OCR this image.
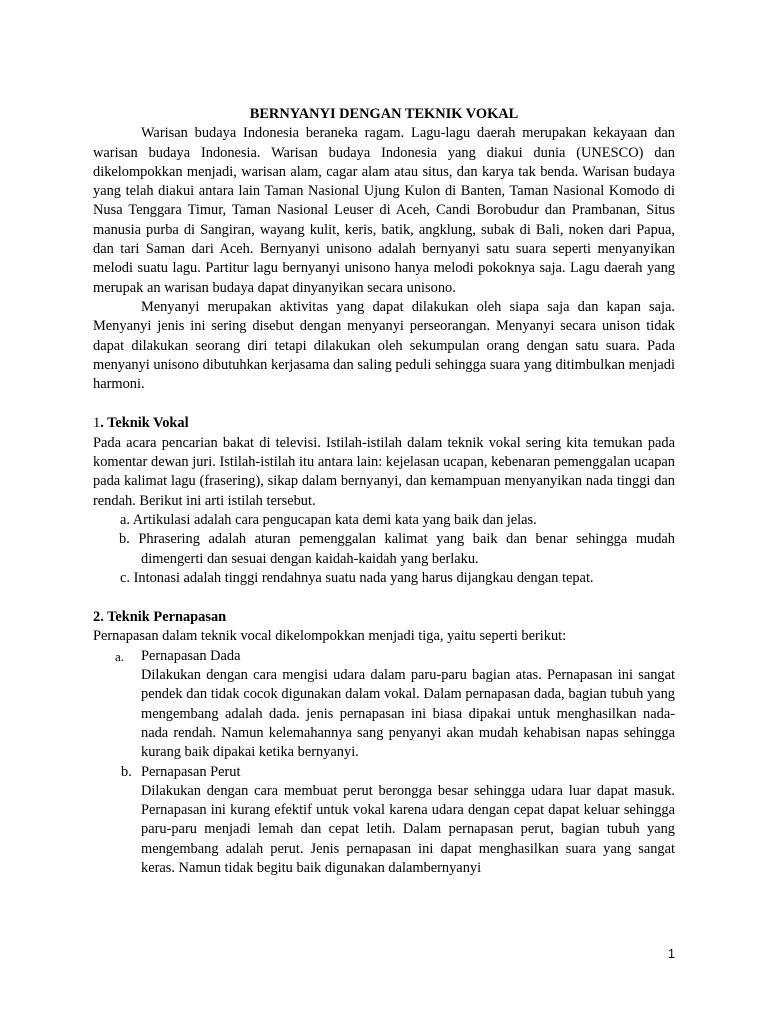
BERNYANYI DENGAN TEKNIK VOKAL

Warisan budaya Indonesia beraneka ragam. Lagu-lagu daerah merupakan kekayaan dan warisan budaya Indonesia. Warisan budaya Indonesia yang diakui dunia (UNESCO) dan dikelompokkan menjadi, warisan alam, cagar alam atau situs, dan karya tak benda. Warisan budaya yang telah diakui antara lain Taman Nasional Ujung Kulon di Banten, Taman Nasional Komodo di Nusa Tenggara Timur, Taman Nasional Leuser di Aceh, Candi Borobudur dan Prambanan, Situs manusia purba di Sangiran, wayang kulit, keris, batik, angklung, subak di Bali, noken dari Papua, dan tari Saman dari Aceh. Bernyanyi unisono adalah bernyanyi satu suara seperti menyanyikan melodi suatu lagu. Partitur lagu bernyanyi unisono hanya melodi pokoknya saja. Lagu daerah yang merupak an warisan budaya dapat dinyanyikan secara unisono.

Menyanyi merupakan aktivitas yang dapat dilakukan oleh siapa saja dan kapan saja. Menyanyi jenis ini sering disebut dengan menyanyi perseorangan. Menyanyi secara unison tidak dapat dilakukan seorang diri tetapi dilakukan oleh sekumpulan orang dengan satu suara. Pada menyanyi unisono dibutuhkan kerjasama dan saling peduli sehingga suara yang ditimbulkan menjadi harmoni.

1. Teknik Vokal

Pada acara pencarian bakat di televisi. Istilah-istilah dalam teknik vokal sering kita temukan pada komentar dewan juri. Istilah-istilah itu antara lain: kejelasan ucapan, kebenaran pemenggalan ucapan pada kalimat lagu (frasering), sikap dalam bernyanyi, dan kemampuan menyanyikan nada tinggi dan rendah. Berikut ini arti istilah tersebut.

a. Artikulasi adalah cara pengucapan kata demi kata yang baik dan jelas.
b. Phrasering adalah aturan pemenggalan kalimat yang baik dan benar sehingga mudah dimengerti dan sesuai dengan kaidah-kaidah yang berlaku.
c. Intonasi adalah tinggi rendahnya suatu nada yang harus dijangkau dengan tepat.

2. Teknik Pernapasan

Pernapasan dalam teknik vocal dikelompokkan menjadi tiga, yaitu seperti berikut:

a. Pernapasan Dada

Dilakukan dengan cara mengisi udara dalam paru-paru bagian atas. Pernapasan ini sangat pendek dan tidak cocok digunakan dalam vokal. Dalam pernapasan dada, bagian tubuh yang mengembang adalah dada. jenis pernapasan ini biasa dipakai untuk menghasilkan nada- nada rendah. Namun kelemahannya sang penyanyi akan mudah kehabisan napas sehingga kurang baik dipakai ketika bernyanyi.

b. Pernapasan Perut

Dilakukan dengan cara membuat perut berongga besar sehingga udara luar dapat masuk. Pernapasan ini kurang efektif untuk vokal karena udara dengan cepat dapat keluar sehingga paru-paru menjadi lemah dan cepat letih. Dalam pernapasan perut, bagian tubuh yang mengembang adalah perut. Jenis pernapasan ini dapat menghasilkan suara yang sangat keras. Namun tidak begitu baik digunakan dalambernyanyi

1
